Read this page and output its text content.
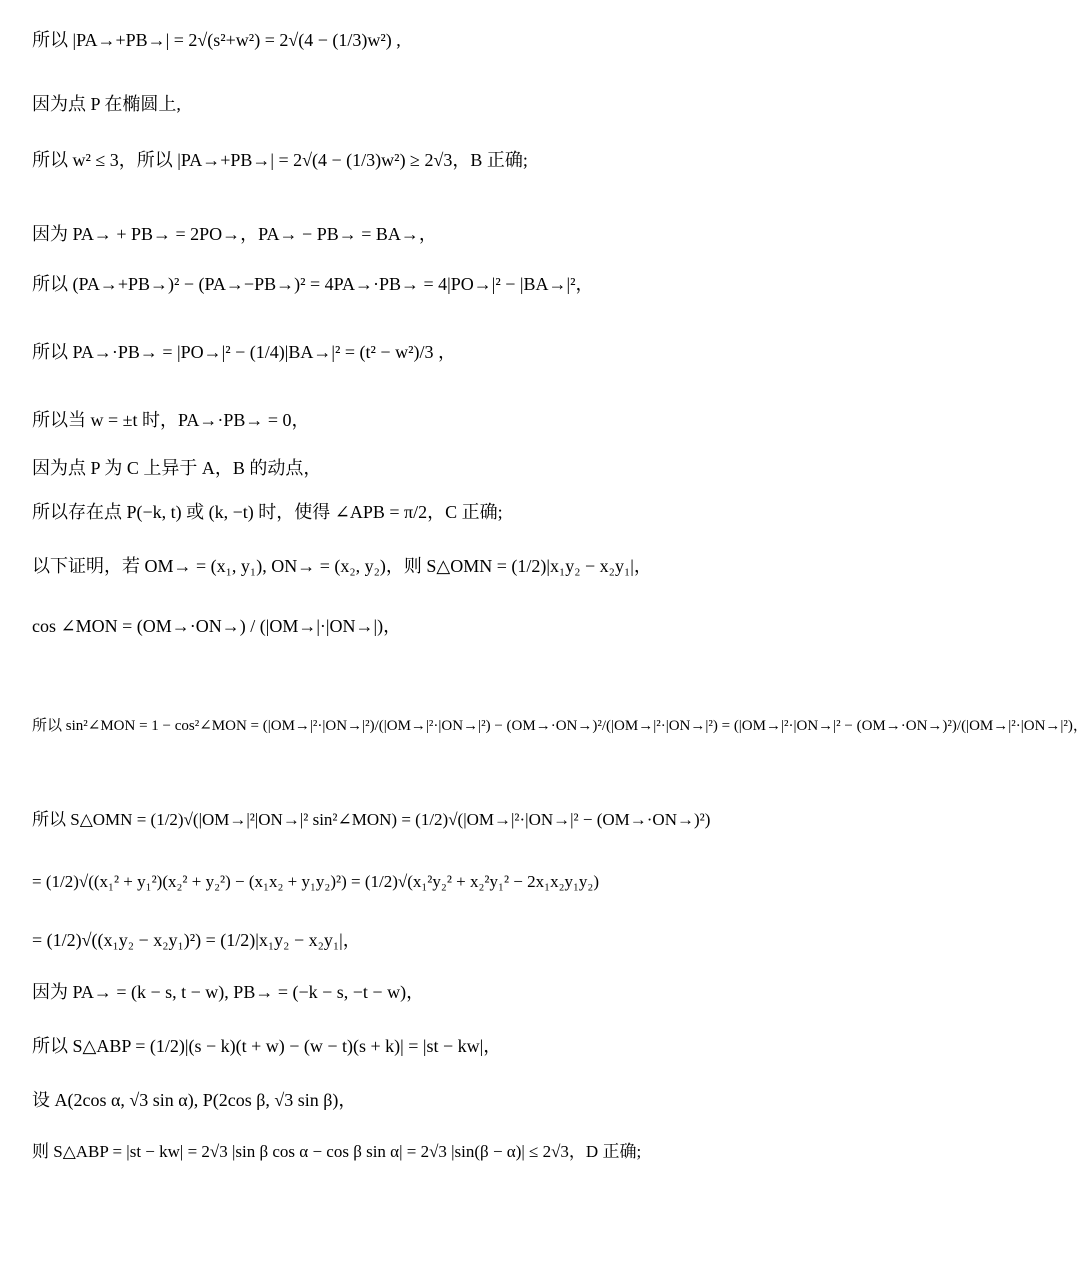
所以 |PA→+PB→| = 2√(s²+w²) = 2√(4 − (1/3)w²) ,
因为点 P 在椭圆上,
所以 w² ≤ 3，所以 |PA→+PB→| = 2√(4 − (1/3)w²) ≥ 2√3，B 正确;
因为 PA→ + PB→ = 2PO→，PA→ − PB→ = BA→，
所以 (PA→+PB→)² − (PA→−PB→)² = 4PA→·PB→ = 4|PO→|² − |BA→|²，
所以 PA→·PB→ = |PO→|² − (1/4)|BA→|² = (t² − w²)/3 ，
所以当 w = ±t 时，PA→·PB→ = 0，
因为点 P 为 C 上异于 A，B 的动点，
所以存在点 P(−k, t) 或 (k, −t) 时，使得 ∠APB = π/2，C 正确;
以下证明，若 OM→ = (x₁, y₁), ON→ = (x₂, y₂)，则 S△OMN = (1/2)|x₁y₂ − x₂y₁|，
cos ∠MON = (OM→·ON→) / (|OM→|·|ON→|)，
所以 sin²∠MON = 1 − cos²∠MON = (|OM→|²·|ON→|²)/(|OM→|²·|ON→|²) − (OM→·ON→)²/(|OM→|²·|ON→|²) = (|OM→|²·|ON→|² − (OM→·ON→)²)/(|OM→|²·|ON→|²)，
所以 S△OMN = (1/2)√(|OM→|²|ON→|² sin²∠MON) = (1/2)√(|OM→|²·|ON→|² − (OM→·ON→)²)
= (1/2)√((x₁² + y₁²)(x₂² + y₂²) − (x₁x₂ + y₁y₂)²) = (1/2)√(x₁²y₂² + x₂²y₁² − 2x₁x₂y₁y₂)
= (1/2)√((x₁y₂ − x₂y₁)²) = (1/2)|x₁y₂ − x₂y₁|，
因为 PA→ = (k − s, t − w), PB→ = (−k − s, −t − w)，
所以 S△ABP = (1/2)|(s − k)(t + w) − (w − t)(s + k)| = |st − kw|，
设 A(2cos α, √3 sin α), P(2cos β, √3 sin β)，
则 S△ABP = |st − kw| = 2√3 |sin β cos α − cos β sin α| = 2√3 |sin(β − α)| ≤ 2√3，D 正确;
